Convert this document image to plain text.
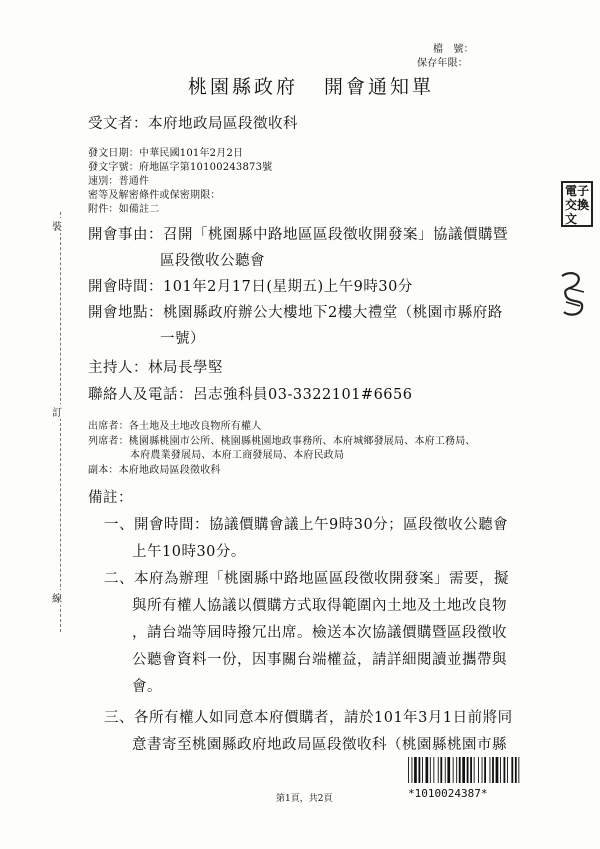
檔　號：
保存年限：
桃園縣政府 開會通知單
受文者：本府地政局區段徵收科
發文日期：中華民國101年2月2日
發文字號：府地區字第10100243873號
速別：普通件
密等及解密條件或保密期限：
附件：如備註二
開會事由：召開「桃園縣中路地區區段徵收開發案」協議價購暨
區段徵收公聽會
開會時間：101年2月17日(星期五)上午9時30分
開會地點：桃園縣政府辦公大樓地下2樓大禮堂（桃園市縣府路
一號）
主持人：林局長學堅
聯絡人及電話：呂志強科員03-3322101#6656
出席者：各土地及土地改良物所有權人
列席者：桃園縣桃園市公所、桃園縣桃園地政事務所、本府城鄉發展局、本府工務局、
本府農業發展局、本府工商發展局、本府民政局
副本：本府地政局區段徵收科
備註：
一、開會時間：協議價購會議上午9時30分；區段徵收公聽會
上午10時30分。
二、本府為辦理「桃園縣中路地區區段徵收開發案」需要，擬
與所有權人協議以價購方式取得範圍內土地及土地改良物
，請台端等屆時撥冗出席。檢送本次協議價購暨區段徵收
公聽會資料一份，因事關台端權益，請詳細閱讀並攜帶與
會。
三、各所有權人如同意本府價購者，請於101年3月1日前將同
意書寄至桃園縣政府地政局區段徵收科（桃園縣桃園市縣
電子交換文
裝
訂
線
第1頁，共2頁	*1010024387*
